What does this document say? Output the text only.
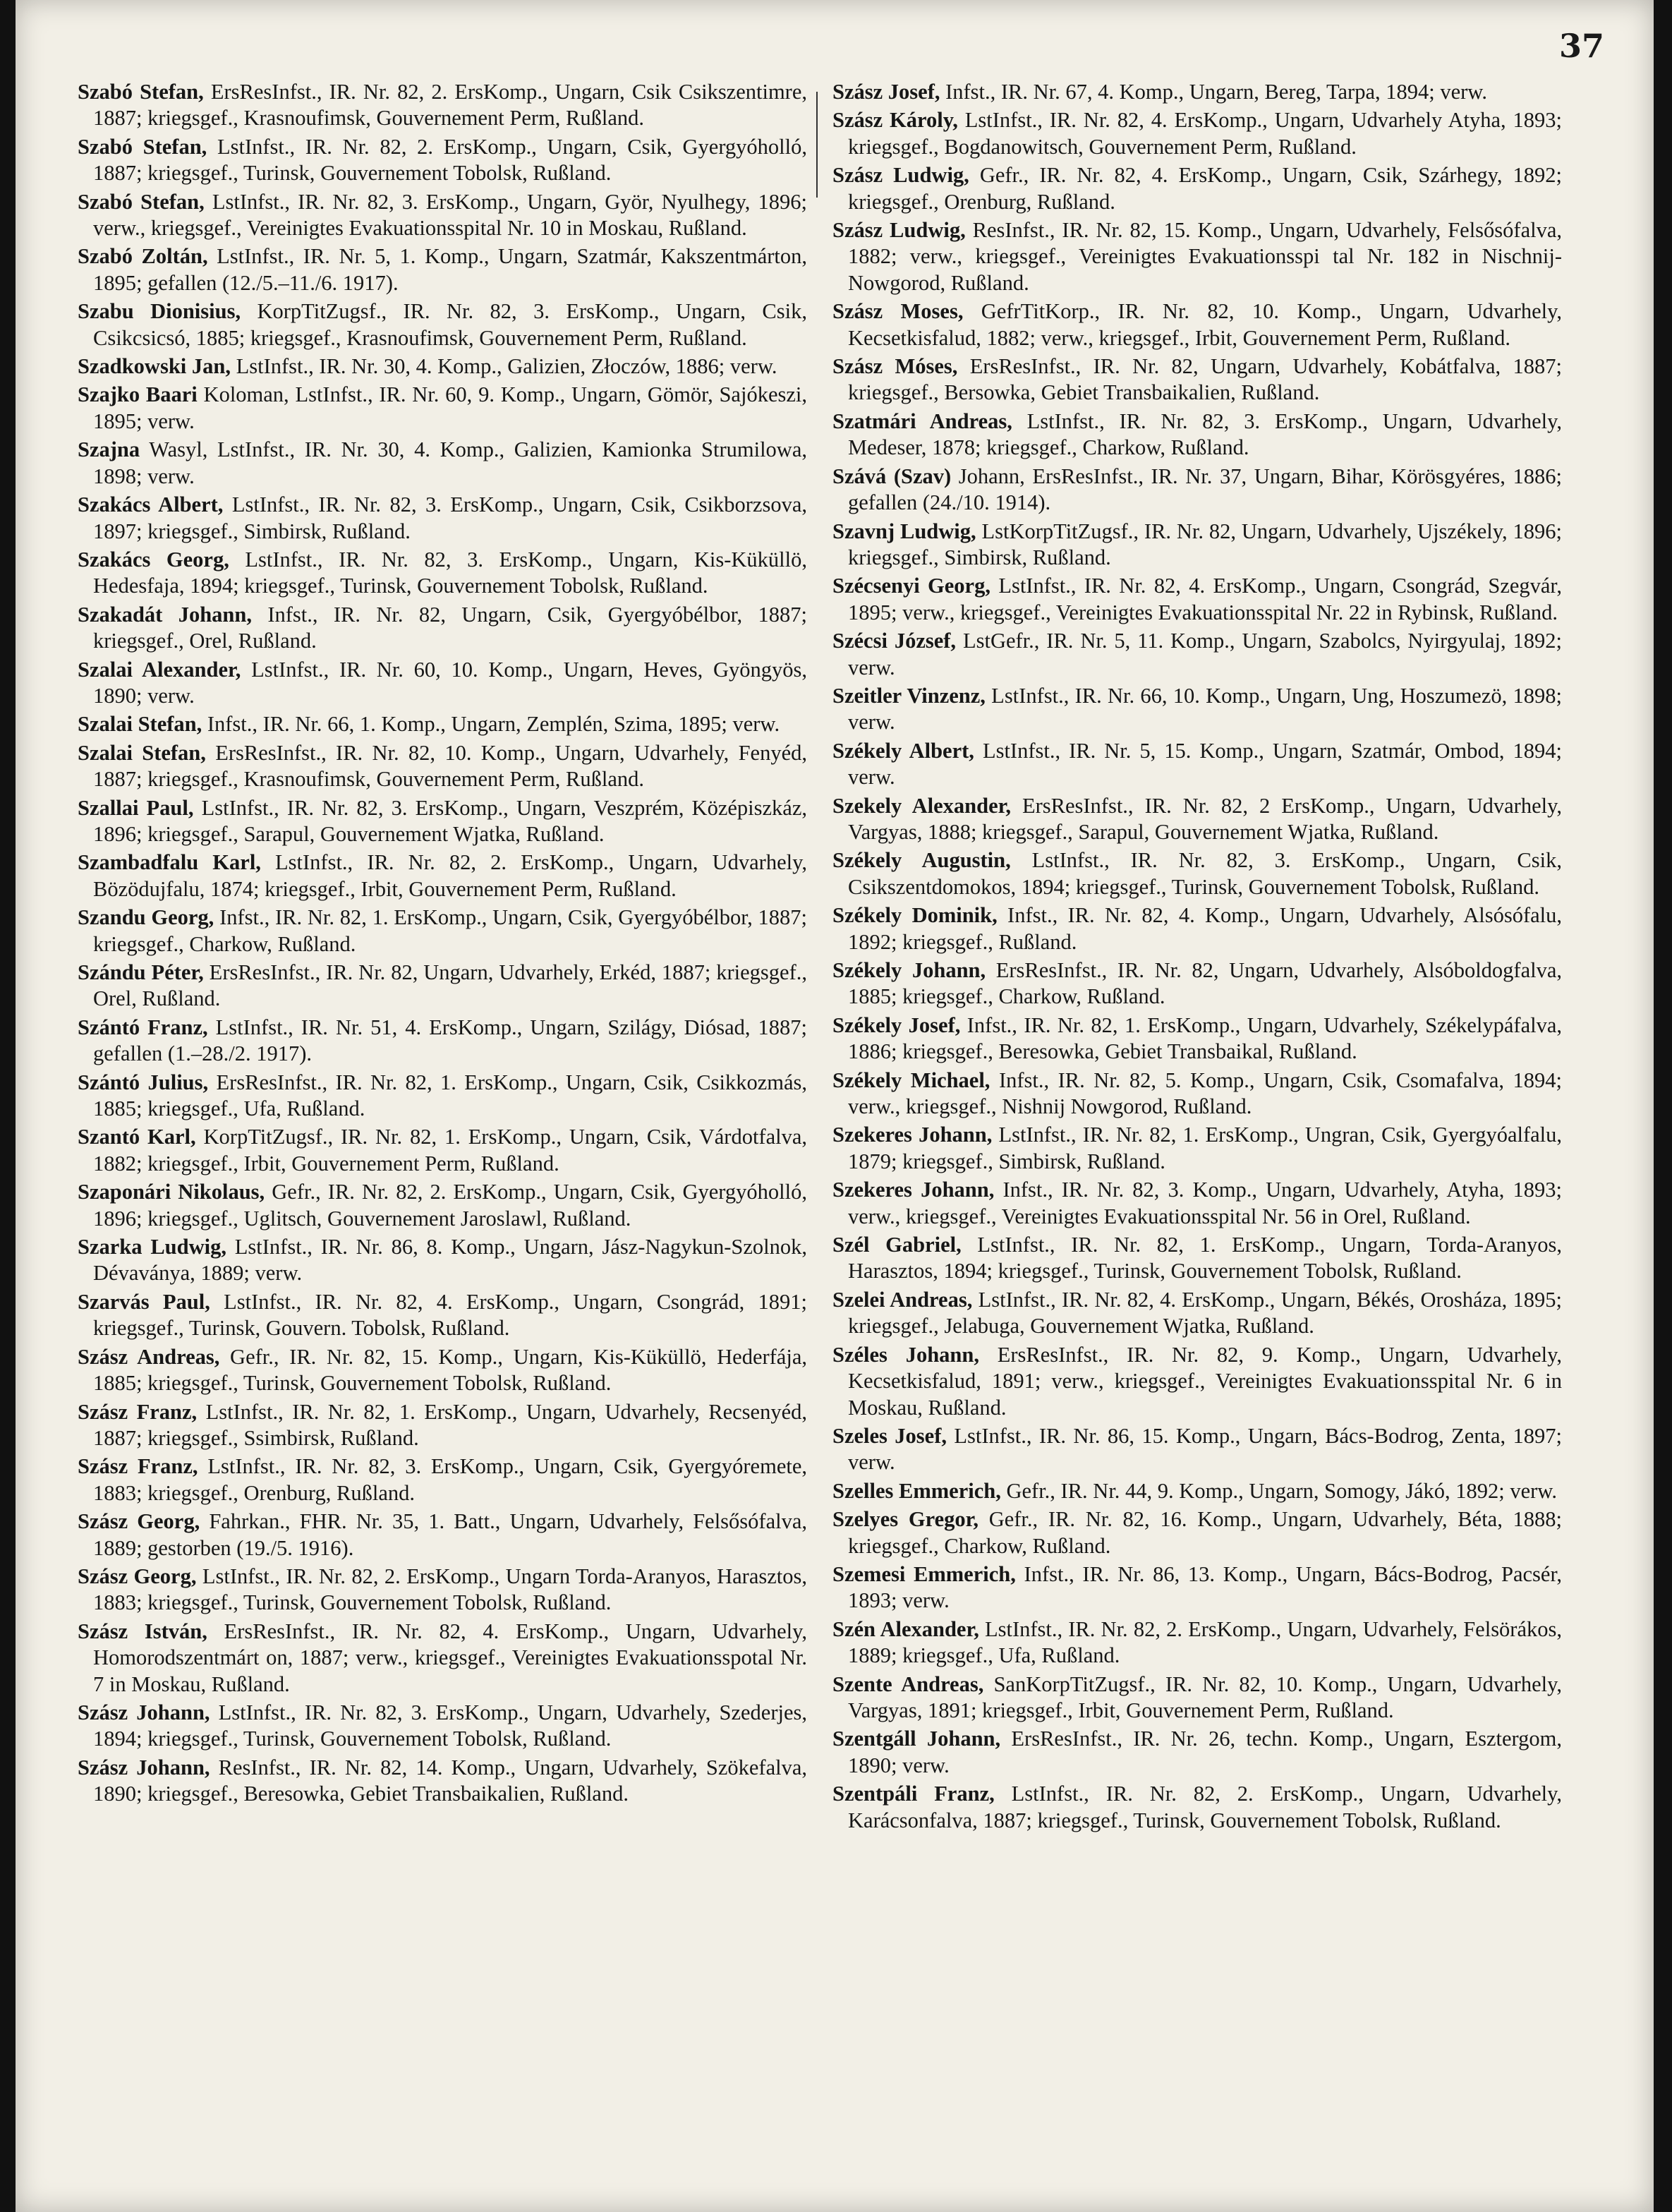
37

Szabó Stefan, ErsResInfst., IR. Nr. 82, 2. ErsKomp., Ungarn, Csik Csikszentimre, 1887; kriegsgef., Krasnoufimsk, Gouvernement Perm, Rußland.

Szabó Stefan, LstInfst., IR. Nr. 82, 2. ErsKomp., Ungarn, Csik, Gyergyóholló, 1887; kriegsgef., Turinsk, Gouvernement Tobolsk, Rußland.

Szabó Stefan, LstInfst., IR. Nr. 82, 3. ErsKomp., Ungarn, Györ, Nyulhegy, 1896; verw., kriegsgef., Vereinigtes Evakuationsspital Nr. 10 in Moskau, Rußland.

Szabó Zoltán, LstInfst., IR. Nr. 5, 1. Komp., Ungarn, Szatmár, Kakszentmárton, 1895; gefallen (12./5.–11./6. 1917).

Szabu Dionisius, KorpTitZugsf., IR. Nr. 82, 3. ErsKomp., Ungarn, Csik, Csikcsicsó, 1885; kriegsgef., Krasnoufimsk, Gouvernement Perm, Rußland.

Szadkowski Jan, LstInfst., IR. Nr. 30, 4. Komp., Galizien, Złoczów, 1886; verw.

Szajko Baari Koloman, LstInfst., IR. Nr. 60, 9. Komp., Ungarn, Gömör, Sajókeszi, 1895; verw.

Szajna Wasyl, LstInfst., IR. Nr. 30, 4. Komp., Galizien, Kamionka Strumilowa, 1898; verw.

Szakács Albert, LstInfst., IR. Nr. 82, 3. ErsKomp., Ungarn, Csik, Csikborzsova, 1897; kriegsgef., Simbirsk, Rußland.

Szakács Georg, LstInfst., IR. Nr. 82, 3. ErsKomp., Ungarn, Kis-Küküllö, Hedesfaja, 1894; kriegsgef., Turinsk, Gouvernement Tobolsk, Rußland.

Szakadát Johann, Infst., IR. Nr. 82, Ungarn, Csik, Gyergyóbélbor, 1887; kriegsgef., Orel, Rußland.

Szalai Alexander, LstInfst., IR. Nr. 60, 10. Komp., Ungarn, Heves, Gyöngyös, 1890; verw.

Szalai Stefan, Infst., IR. Nr. 66, 1. Komp., Ungarn, Zemplén, Szima, 1895; verw.

Szalai Stefan, ErsResInfst., IR. Nr. 82, 10. Komp., Ungarn, Udvarhely, Fenyéd, 1887; kriegsgef., Krasnoufimsk, Gouvernement Perm, Rußland.

Szallai Paul, LstInfst., IR. Nr. 82, 3. ErsKomp., Ungarn, Veszprém, Középiszkáz, 1896; kriegsgef., Sarapul, Gouvernement Wjatka, Rußland.

Szambadfalu Karl, LstInfst., IR. Nr. 82, 2. ErsKomp., Ungarn, Udvarhely, Bözödujfalu, 1874; kriegsgef., Irbit, Gouvernement Perm, Rußland.

Szandu Georg, Infst., IR. Nr. 82, 1. ErsKomp., Ungarn, Csik, Gyergyóbélbor, 1887; kriegsgef., Charkow, Rußland.

Szándu Péter, ErsResInfst., IR. Nr. 82, Ungarn, Udvarhely, Erkéd, 1887; kriegsgef., Orel, Rußland.

Szántó Franz, LstInfst., IR. Nr. 51, 4. ErsKomp., Ungarn, Szilágy, Diósad, 1887; gefallen (1.–28./2. 1917).

Szántó Julius, ErsResInfst., IR. Nr. 82, 1. ErsKomp., Ungarn, Csik, Csikkozmás, 1885; kriegsgef., Ufa, Rußland.

Szantó Karl, KorpTitZugsf., IR. Nr. 82, 1. ErsKomp., Ungarn, Csik, Várdotfalva, 1882; kriegsgef., Irbit, Gouvernement Perm, Rußland.

Szaponári Nikolaus, Gefr., IR. Nr. 82, 2. ErsKomp., Ungarn, Csik, Gyergyóholló, 1896; kriegsgef., Uglitsch, Gouvernement Jaroslawl, Rußland.

Szarka Ludwig, LstInfst., IR. Nr. 86, 8. Komp., Ungarn, Jász-Nagykun-Szolnok, Dévaványa, 1889; verw.

Szarvás Paul, LstInfst., IR. Nr. 82, 4. ErsKomp., Ungarn, Csongrád, 1891; kriegsgef., Turinsk, Gouvern. Tobolsk, Rußland.

Szász Andreas, Gefr., IR. Nr. 82, 15. Komp., Ungarn, Kis-Küküllö, Hederfája, 1885; kriegsgef., Turinsk, Gouvernement Tobolsk, Rußland.

Szász Franz, LstInfst., IR. Nr. 82, 1. ErsKomp., Ungarn, Udvarhely, Recsenyéd, 1887; kriegsgef., Ssimbirsk, Rußland.

Szász Franz, LstInfst., IR. Nr. 82, 3. ErsKomp., Ungarn, Csik, Gyergyóremete, 1883; kriegsgef., Orenburg, Rußland.

Szász Georg, Fahrkan., FHR. Nr. 35, 1. Batt., Ungarn, Udvarhely, Felsősófalva, 1889; gestorben (19./5. 1916).

Szász Georg, LstInfst., IR. Nr. 82, 2. ErsKomp., Ungarn Torda-Aranyos, Harasztos, 1883; kriegsgef., Turinsk, Gouvernement Tobolsk, Rußland.

Szász István, ErsResInfst., IR. Nr. 82, 4. ErsKomp., Ungarn, Udvarhely, Homorodszentmárt on, 1887; verw., kriegsgef., Vereinigtes Evakuationsspotal Nr. 7 in Moskau, Rußland.

Szász Johann, LstInfst., IR. Nr. 82, 3. ErsKomp., Ungarn, Udvarhely, Szederjes, 1894; kriegsgef., Turinsk, Gouvernement Tobolsk, Rußland.

Szász Johann, ResInfst., IR. Nr. 82, 14. Komp., Ungarn, Udvarhely, Szökefalva, 1890; kriegsgef., Beresowka, Gebiet Transbaikalien, Rußland.

Szász Josef, Infst., IR. Nr. 67, 4. Komp., Ungarn, Bereg, Tarpa, 1894; verw.

Szász Károly, LstInfst., IR. Nr. 82, 4. ErsKomp., Ungarn, Udvarhely Atyha, 1893; kriegsgef., Bogdanowitsch, Gouvernement Perm, Rußland.

Szász Ludwig, Gefr., IR. Nr. 82, 4. ErsKomp., Ungarn, Csik, Szárhegy, 1892; kriegsgef., Orenburg, Rußland.

Szász Ludwig, ResInfst., IR. Nr. 82, 15. Komp., Ungarn, Udvarhely, Felsősófalva, 1882; verw., kriegsgef., Vereinigtes Evakuationsspi tal Nr. 182 in Nischnij-Nowgorod, Rußland.

Szász Moses, GefrTitKorp., IR. Nr. 82, 10. Komp., Ungarn, Udvarhely, Kecsetkisfalud, 1882; verw., kriegsgef., Irbit, Gouvernement Perm, Rußland.

Szász Móses, ErsResInfst., IR. Nr. 82, Ungarn, Udvarhely, Kobátfalva, 1887; kriegsgef., Bersowka, Gebiet Transbaikalien, Rußland.

Szatmári Andreas, LstInfst., IR. Nr. 82, 3. ErsKomp., Ungarn, Udvarhely, Medeser, 1878; kriegsgef., Charkow, Rußland.

Szává (Szav) Johann, ErsResInfst., IR. Nr. 37, Ungarn, Bihar, Körösgyéres, 1886; gefallen (24./10. 1914).

Szavnj Ludwig, LstKorpTitZugsf., IR. Nr. 82, Ungarn, Udvarhely, Ujszékely, 1896; kriegsgef., Simbirsk, Rußland.

Szécsenyi Georg, LstInfst., IR. Nr. 82, 4. ErsKomp., Ungarn, Csongrád, Szegvár, 1895; verw., kriegsgef., Vereinigtes Evakuationsspital Nr. 22 in Rybinsk, Rußland.

Szécsi József, LstGefr., IR. Nr. 5, 11. Komp., Ungarn, Szabolcs, Nyirgyulaj, 1892; verw.

Szeitler Vinzenz, LstInfst., IR. Nr. 66, 10. Komp., Ungarn, Ung, Hoszumezö, 1898; verw.

Székely Albert, LstInfst., IR. Nr. 5, 15. Komp., Ungarn, Szatmár, Ombod, 1894; verw.

Szekely Alexander, ErsResInfst., IR. Nr. 82, 2 ErsKomp., Ungarn, Udvarhely, Vargyas, 1888; kriegsgef., Sarapul, Gouvernement Wjatka, Rußland.

Székely Augustin, LstInfst., IR. Nr. 82, 3. ErsKomp., Ungarn, Csik, Csikszentdomokos, 1894; kriegsgef., Turinsk, Gouvernement Tobolsk, Rußland.

Székely Dominik, Infst., IR. Nr. 82, 4. Komp., Ungarn, Udvarhely, Alsósófalu, 1892; kriegsgef., Rußland.

Székely Johann, ErsResInfst., IR. Nr. 82, Ungarn, Udvarhely, Alsóboldogfalva, 1885; kriegsgef., Charkow, Rußland.

Székely Josef, Infst., IR. Nr. 82, 1. ErsKomp., Ungarn, Udvarhely, Székelypáfalva, 1886; kriegsgef., Beresowka, Gebiet Transbaikal, Rußland.

Székely Michael, Infst., IR. Nr. 82, 5. Komp., Ungarn, Csik, Csomafalva, 1894; verw., kriegsgef., Nishnij Nowgorod, Rußland.

Szekeres Johann, LstInfst., IR. Nr. 82, 1. ErsKomp., Ungran, Csik, Gyergyóalfalu, 1879; kriegsgef., Simbirsk, Rußland.

Szekeres Johann, Infst., IR. Nr. 82, 3. Komp., Ungarn, Udvarhely, Atyha, 1893; verw., kriegsgef., Vereinigtes Evakuationsspital Nr. 56 in Orel, Rußland.

Szél Gabriel, LstInfst., IR. Nr. 82, 1. ErsKomp., Ungarn, Torda-Aranyos, Harasztos, 1894; kriegsgef., Turinsk, Gouvernement Tobolsk, Rußland.

Szelei Andreas, LstInfst., IR. Nr. 82, 4. ErsKomp., Ungarn, Békés, Orosháza, 1895; kriegsgef., Jelabuga, Gouvernement Wjatka, Rußland.

Széles Johann, ErsResInfst., IR. Nr. 82, 9. Komp., Ungarn, Udvarhely, Kecsetkisfalud, 1891; verw., kriegsgef., Vereinigtes Evakuationsspital Nr. 6 in Moskau, Rußland.

Szeles Josef, LstInfst., IR. Nr. 86, 15. Komp., Ungarn, Bács-Bodrog, Zenta, 1897; verw.

Szelles Emmerich, Gefr., IR. Nr. 44, 9. Komp., Ungarn, Somogy, Jákó, 1892; verw.

Szelyes Gregor, Gefr., IR. Nr. 82, 16. Komp., Ungarn, Udvarhely, Béta, 1888; kriegsgef., Charkow, Rußland.

Szemesi Emmerich, Infst., IR. Nr. 86, 13. Komp., Ungarn, Bács-Bodrog, Pacsér, 1893; verw.

Szén Alexander, LstInfst., IR. Nr. 82, 2. ErsKomp., Ungarn, Udvarhely, Felsörákos, 1889; kriegsgef., Ufa, Rußland.

Szente Andreas, SanKorpTitZugsf., IR. Nr. 82, 10. Komp., Ungarn, Udvarhely, Vargyas, 1891; kriegsgef., Irbit, Gouvernement Perm, Rußland.

Szentgáll Johann, ErsResInfst., IR. Nr. 26, techn. Komp., Ungarn, Esztergom, 1890; verw.

Szentpáli Franz, LstInfst., IR. Nr. 82, 2. ErsKomp., Ungarn, Udvarhely, Karácsonfalva, 1887; kriegsgef., Turinsk, Gouvernement Tobolsk, Rußland.
